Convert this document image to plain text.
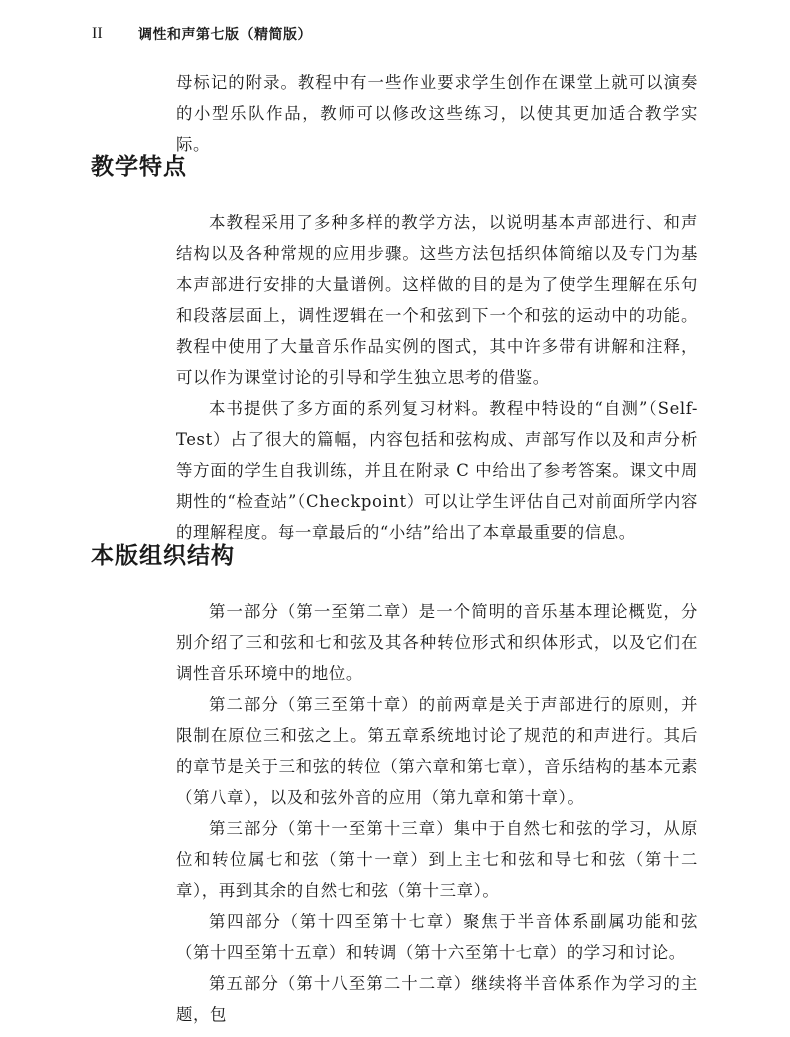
II	调性和声第七版（精简版）

母标记的附录。教程中有一些作业要求学生创作在课堂上就可以演奏的小型乐队作品，教师可以修改这些练习，以使其更加适合教学实际。

教学特点

本教程采用了多种多样的教学方法，以说明基本声部进行、和声结构以及各种常规的应用步骤。这些方法包括织体简缩以及专门为基本声部进行安排的大量谱例。这样做的目的是为了使学生理解在乐句和段落层面上，调性逻辑在一个和弦到下一个和弦的运动中的功能。教程中使用了大量音乐作品实例的图式，其中许多带有讲解和注释，可以作为课堂讨论的引导和学生独立思考的借鉴。

本书提供了多方面的系列复习材料。教程中特设的“自测”（Self-Test）占了很大的篇幅，内容包括和弦构成、声部写作以及和声分析等方面的学生自我训练，并且在附录 C 中给出了参考答案。课文中周期性的“检查站”（Checkpoint）可以让学生评估自己对前面所学内容的理解程度。每一章最后的“小结”给出了本章最重要的信息。

本版组织结构

第一部分（第一至第二章）是一个简明的音乐基本理论概览，分别介绍了三和弦和七和弦及其各种转位形式和织体形式，以及它们在调性音乐环境中的地位。

第二部分（第三至第十章）的前两章是关于声部进行的原则，并限制在原位三和弦之上。第五章系统地讨论了规范的和声进行。其后的章节是关于三和弦的转位（第六章和第七章），音乐结构的基本元素（第八章），以及和弦外音的应用（第九章和第十章）。

第三部分（第十一至第十三章）集中于自然七和弦的学习，从原位和转位属七和弦（第十一章）到上主七和弦和导七和弦（第十二章），再到其余的自然七和弦（第十三章）。

第四部分（第十四至第十七章）聚焦于半音体系副属功能和弦（第十四至第十五章）和转调（第十六至第十七章）的学习和讨论。

第五部分（第十八至第二十二章）继续将半音体系作为学习的主题，包
